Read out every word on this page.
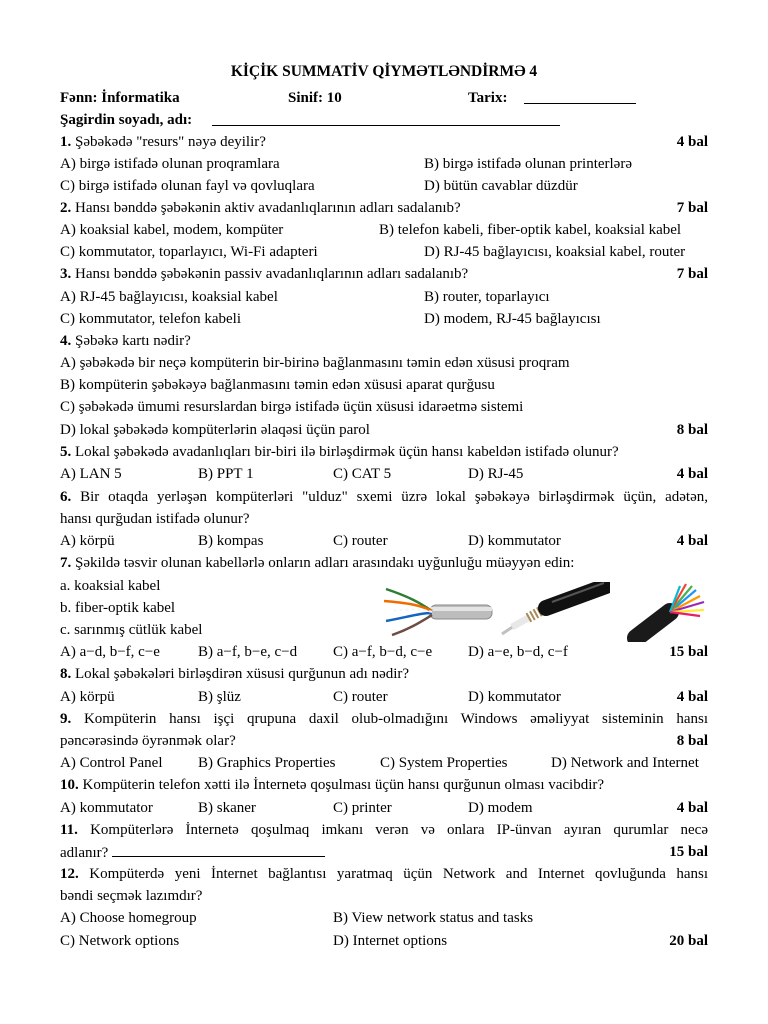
KİÇİK SUMMATİV QİYMƏTLƏNDİRMƏ 4
Fənn: İnformatika	Sinif: 10	Tarix:
Şagirdin soyadı, adı:
1. Şəbəkədə "resurs" nəyə deyilir?	4 bal
A) birgə istifadə olunan proqramlara	B) birgə istifadə olunan printerlərə
C) birgə istifadə olunan fayl və qovluqlara	D) bütün cavablar düzdür
2. Hansı bənddə şəbəkənin aktiv avadanlıqlarının adları sadalanıb?	7 bal
A) koaksial kabel, modem, kompüter	B) telefon kabeli, fiber-optik kabel, koaksial kabel
C) kommutator, toparlayıcı, Wi-Fi adapteri	D) RJ-45 bağlayıcısı, koaksial kabel, router
3. Hansı bənddə şəbəkənin passiv avadanlıqlarının adları sadalanıb?	7 bal
A) RJ-45 bağlayıcısı, koaksial kabel	B) router, toparlayıcı
C) kommutator, telefon kabeli	D) modem, RJ-45 bağlayıcısı
4. Şəbəkə kartı nədir?
A) şəbəkədə bir neçə kompüterin bir-birinə bağlanmasını təmin edən xüsusi proqram
B) kompüterin şəbəkəyə bağlanmasını təmin edən xüsusi aparat qurğusu
C) şəbəkədə ümumi resurslardan birgə istifadə üçün xüsusi idarəetmə sistemi
D) lokal şəbəkədə kompüterlərin əlaqəsi üçün parol	8 bal
5. Lokal şəbəkədə avadanlıqları bir-biri ilə birləşdirmək üçün hansı kabeldən istifadə olunur?
A) LAN 5	B) PPT 1	C) CAT 5	D) RJ-45	4 bal
6. Bir otaqda yerləşən kompüterləri "ulduz" sxemi üzrə lokal şəbəkəyə birləşdirmək üçün, adətən,
hansı qurğudan istifadə olunur?
A) körpü	B) kompas	C) router	D) kommutator	4 bal
7. Şəkildə təsvir olunan kabellərlə onların adları arasındakı uyğunluğu müəyyən edin:
a. koaksial kabel
b. fiber-optik kabel
c. sarınmış cütlük kabel
A) a−d, b−f, c−e	B) a−f, b−e, c−d C) a−f, b−d, c−e D) a−e, b−d, c−f	15 bal
8. Lokal şəbəkələri birləşdirən xüsusi qurğunun adı nədir?
A) körpü	B) şlüz	C) router	D) kommutator	4 bal
9. Kompüterin hansı işçi qrupuna daxil olub-olmadığını Windows əməliyyat sisteminin hansı
pəncərəsində öyrənmək olar?	8 bal
A) Control Panel B) Graphics Properties	C) System Properties	D) Network and Internet
10. Kompüterin telefon xətti ilə İnternetə qoşulması üçün hansı qurğunun olması vacibdir?
A) kommutator	B) skaner	C) printer	D) modem	4 bal
11. Kompüterlərə İnternetə qoşulmaq imkanı verən və onlara IP-ünvan ayıran qurumlar necə
adlanır?	15 bal
12. Kompüterdə yeni İnternet bağlantısı yaratmaq üçün Network and Internet qovluğunda hansı
bəndi seçmək lazımdır?
A) Choose homegroup	B) View network status and tasks
C) Network options	D) Internet options	20 bal
